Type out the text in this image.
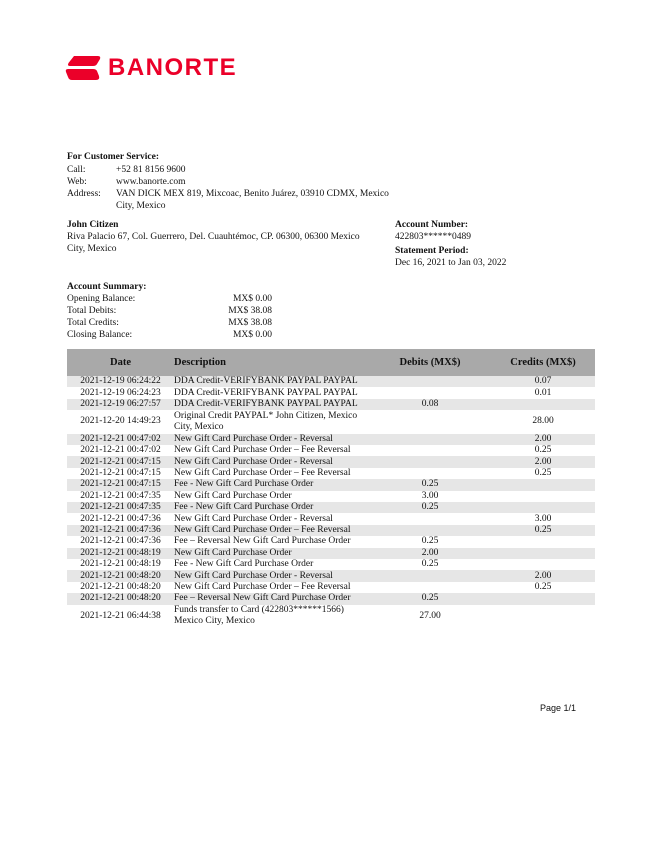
BANORTE
For Customer Service:
Call:	+52 81 8156 9600
Web:	www.banorte.com
Address: VAN DICK MEX 819, Mixcoac, Benito Juárez, 03910 CDMX, Mexico City, Mexico
John Citizen
Riva Palacio 67, Col. Guerrero, Del. Cuauhtémoc, CP. 06300, 06300 Mexico City, Mexico
Account Number:
422803******0489
Statement Period:
Dec 16, 2021 to Jan 03, 2022
Account Summary:
Opening Balance:	MX$ 0.00
Total Debits:	MX$ 38.08
Total Credits:	MX$ 38.08
Closing Balance:	MX$ 0.00
Date	Description	Debits (MX$)	Credits (MX$)
2021-12-19 06:24:22	DDA Credit-VERIFYBANK PAYPAL PAYPAL		0.07
2021-12-19 06:24:23	DDA Credit-VERIFYBANK PAYPAL PAYPAL		0.01
2021-12-19 06:27:57	DDA Credit-VERIFYBANK PAYPAL PAYPAL	0.08	
2021-12-20 14:49:23	Original Credit PAYPAL* John Citizen, Mexico City, Mexico		28.00
2021-12-21 00:47:02	New Gift Card Purchase Order - Reversal		2.00
2021-12-21 00:47:02	New Gift Card Purchase Order – Fee Reversal		0.25
2021-12-21 00:47:15	New Gift Card Purchase Order - Reversal		2.00
2021-12-21 00:47:15	New Gift Card Purchase Order – Fee Reversal		0.25
2021-12-21 00:47:15	Fee - New Gift Card Purchase Order	0.25	
2021-12-21 00:47:35	New Gift Card Purchase Order	3.00	
2021-12-21 00:47:35	Fee - New Gift Card Purchase Order	0.25	
2021-12-21 00:47:36	New Gift Card Purchase Order - Reversal		3.00
2021-12-21 00:47:36	New Gift Card Purchase Order – Fee Reversal		0.25
2021-12-21 00:47:36	Fee – Reversal New Gift Card Purchase Order	0.25	
2021-12-21 00:48:19	New Gift Card Purchase Order	2.00	
2021-12-21 00:48:19	Fee - New Gift Card Purchase Order	0.25	
2021-12-21 00:48:20	New Gift Card Purchase Order - Reversal		2.00
2021-12-21 00:48:20	New Gift Card Purchase Order – Fee Reversal		0.25
2021-12-21 00:48:20	Fee – Reversal New Gift Card Purchase Order	0.25	
2021-12-21 06:44:38	Funds transfer to Card (422803******1566) Mexico City, Mexico	27.00	
Page 1/1
